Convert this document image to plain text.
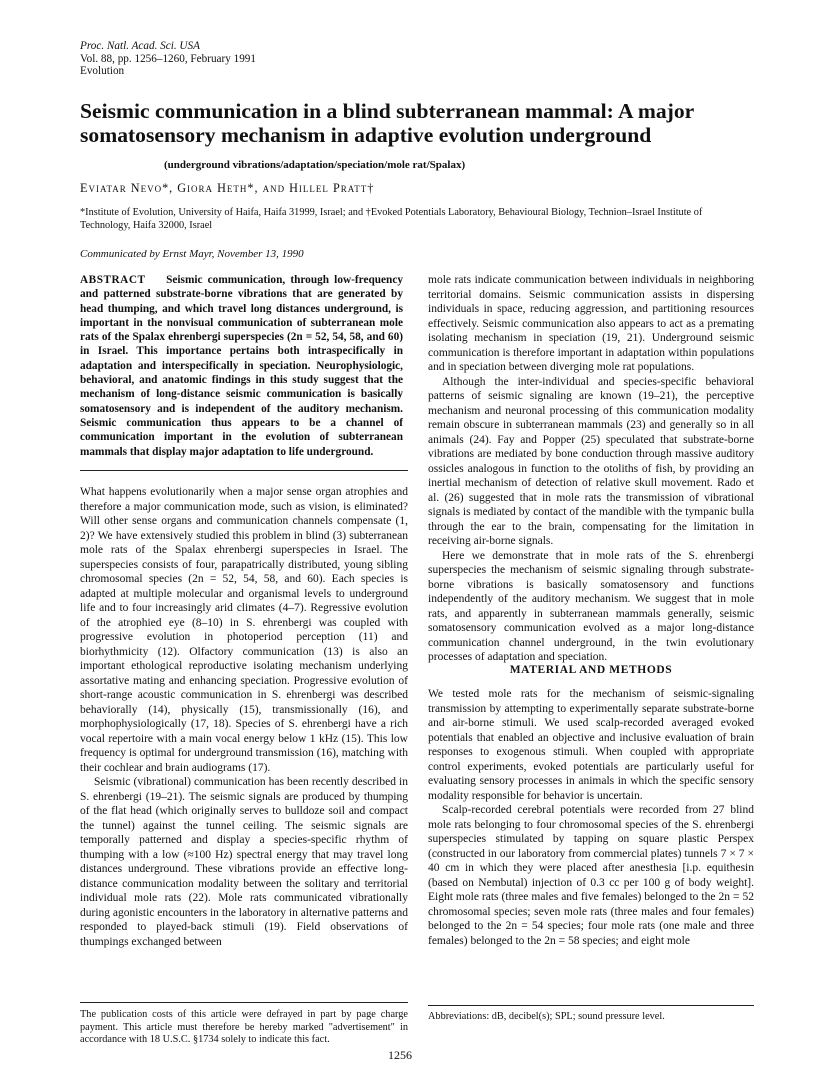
Proc. Natl. Acad. Sci. USA
Vol. 88, pp. 1256–1260, February 1991
Evolution
Seismic communication in a blind subterranean mammal: A major somatosensory mechanism in adaptive evolution underground
(underground vibrations/adaptation/speciation/mole rat/Spalax)
Eviatar Nevo*, Giora Heth*, and Hillel Pratt†
*Institute of Evolution, University of Haifa, Haifa 31999, Israel; and †Evoked Potentials Laboratory, Behavioural Biology, Technion–Israel Institute of Technology, Haifa 32000, Israel
Communicated by Ernst Mayr, November 13, 1990
ABSTRACT Seismic communication, through low-frequency and patterned substrate-borne vibrations that are generated by head thumping, and which travel long distances underground, is important in the nonvisual communication of subterranean mole rats of the Spalax ehrenbergi superspecies (2n = 52, 54, 58, and 60) in Israel. This importance pertains both intraspecifically in adaptation and interspecifically in speciation. Neurophysiologic, behavioral, and anatomic findings in this study suggest that the mechanism of long-distance seismic communication is basically somatosensory and is independent of the auditory mechanism. Seismic communication thus appears to be a channel of communication important in the evolution of subterranean mammals that display major adaptation to life underground.

What happens evolutionarily when a major sense organ atrophies and therefore a major communication mode, such as vision, is eliminated? Will other sense organs and communication channels compensate (1, 2)? We have extensively studied this problem in blind (3) subterranean mole rats of the Spalax ehrenbergi superspecies in Israel. The superspecies consists of four, parapatrically distributed, young sibling chromosomal species (2n = 52, 54, 58, and 60). Each species is adapted at multiple molecular and organismal levels to underground life and to four increasingly arid climates (4–7). Regressive evolution of the atrophied eye (8–10) in S. ehrenbergi was coupled with progressive evolution in photoperiod perception (11) and biorhythmicity (12). Olfactory communication (13) is also an important ethological reproductive isolating mechanism underlying assortative mating and enhancing speciation. Progressive evolution of short-range acoustic communication in S. ehrenbergi was described behaviorally (14), physically (15), transmissionally (16), and morphophysiologically (17, 18). Species of S. ehrenbergi have a rich vocal repertoire with a main vocal energy below 1 kHz (15). This low frequency is optimal for underground transmission (16), matching with their cochlear and brain audiograms (17).

Seismic (vibrational) communication has been recently described in S. ehrenbergi (19–21). The seismic signals are produced by thumping of the flat head (which originally serves to bulldoze soil and compact the tunnel) against the tunnel ceiling. The seismic signals are temporally patterned and display a species-specific rhythm of thumping with a low (≈100 Hz) spectral energy that may travel long distances underground. These vibrations provide an effective long-distance communication modality between the solitary and territorial individual mole rats (22). Mole rats communicated vibrationally during agonistic encounters in the laboratory in alternative patterns and responded to played-back stimuli (19). Field observations of thumpings exchanged between

mole rats indicate communication between individuals in neighboring territorial domains. Seismic communication assists in dispersing individuals in space, reducing aggression, and partitioning resources effectively. Seismic communication also appears to act as a premating isolating mechanism in speciation (19, 21). Underground seismic communication is therefore important in adaptation within populations and in speciation between diverging mole rat populations.

Although the inter-individual and species-specific behavioral patterns of seismic signaling are known (19–21), the perceptive mechanism and neuronal processing of this communication modality remain obscure in subterranean mammals (23) and generally so in all animals (24). Fay and Popper (25) speculated that substrate-borne vibrations are mediated by bone conduction through massive auditory ossicles analogous in function to the otoliths of fish, by providing an inertial mechanism of detection of relative skull movement. Rado et al. (26) suggested that in mole rats the transmission of vibrational signals is mediated by contact of the mandible with the tympanic bulla through the ear to the brain, compensating for the limitation in receiving air-borne signals.

Here we demonstrate that in mole rats of the S. ehrenbergi superspecies the mechanism of seismic signaling through substrate-borne vibrations is basically somatosensory and functions independently of the auditory mechanism. We suggest that in mole rats, and apparently in subterranean mammals generally, seismic somatosensory communication evolved as a major long-distance communication channel underground, in the twin evolutionary processes of adaptation and speciation.

MATERIAL AND METHODS

We tested mole rats for the mechanism of seismic-signaling transmission by attempting to experimentally separate substrate-borne and air-borne stimuli. We used scalp-recorded averaged evoked potentials that enabled an objective and inclusive evaluation of brain responses to exogenous stimuli. When coupled with appropriate control experiments, evoked potentials are particularly useful for evaluating sensory processes in animals in which the specific sensory modality responsible for behavior is uncertain.

Scalp-recorded cerebral potentials were recorded from 27 blind mole rats belonging to four chromosomal species of the S. ehrenbergi superspecies stimulated by tapping on square plastic Perspex (constructed in our laboratory from commercial plates) tunnels 7 × 7 × 40 cm in which they were placed after anesthesia [i.p. equithesin (based on Nembutal) injection of 0.3 cc per 100 g of body weight]. Eight mole rats (three males and five females) belonged to the 2n = 52 chromosomal species; seven mole rats (three males and four females) belonged to the 2n = 54 species; four mole rats (one male and three females) belonged to the 2n = 58 species; and eight mole

The publication costs of this article were defrayed in part by page charge payment. This article must therefore be hereby marked "advertisement" in accordance with 18 U.S.C. §1734 solely to indicate this fact.
Abbreviations: dB, decibel(s); SPL; sound pressure level.
1256
